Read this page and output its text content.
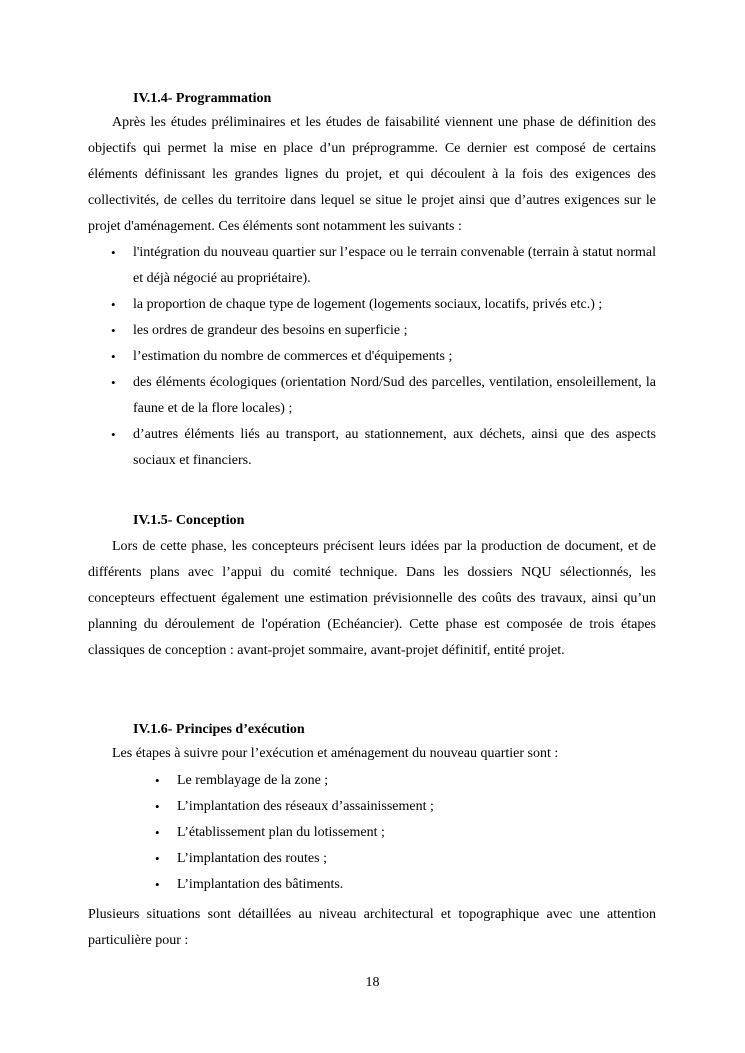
IV.1.4- Programmation

Après les études préliminaires et les études de faisabilité viennent une phase de définition des objectifs qui permet la mise en place d’un préprogramme. Ce dernier est composé de certains éléments définissant les grandes lignes du projet, et qui découlent à la fois des exigences des collectivités, de celles du territoire dans lequel se situe le projet ainsi que d’autres exigences sur le projet d'aménagement. Ces éléments sont notamment les suivants :

• l'intégration du nouveau quartier sur l’espace ou le terrain convenable (terrain à statut normal et déjà négocié au propriétaire).
• la proportion de chaque type de logement (logements sociaux, locatifs, privés etc.) ;
• les ordres de grandeur des besoins en superficie ;
• l’estimation du nombre de commerces et d'équipements ;
• des éléments écologiques (orientation Nord/Sud des parcelles, ventilation, ensoleillement, la faune et de la flore locales) ;
• d’autres éléments liés au transport, au stationnement, aux déchets, ainsi que des aspects sociaux et financiers.
IV.1.5- Conception

Lors de cette phase, les concepteurs précisent leurs idées par la production de document, et de différents plans avec l’appui du comité technique. Dans les dossiers NQU sélectionnés, les concepteurs effectuent également une estimation prévisionnelle des coûts des travaux, ainsi qu’un planning du déroulement de l'opération (Echéancier). Cette phase est composée de trois étapes classiques de conception : avant-projet sommaire, avant-projet définitif, entité projet.

IV.1.6- Principes d’exécution

Les étapes à suivre pour l’exécution et aménagement du nouveau quartier sont :

• Le remblayage de la zone ;
• L’implantation des réseaux d’assainissement ;
• L’établissement plan du lotissement ;
• L’implantation des routes ;
• L’implantation des bâtiments.

Plusieurs situations sont détaillées au niveau architectural et topographique avec une attention particulière pour :

18
